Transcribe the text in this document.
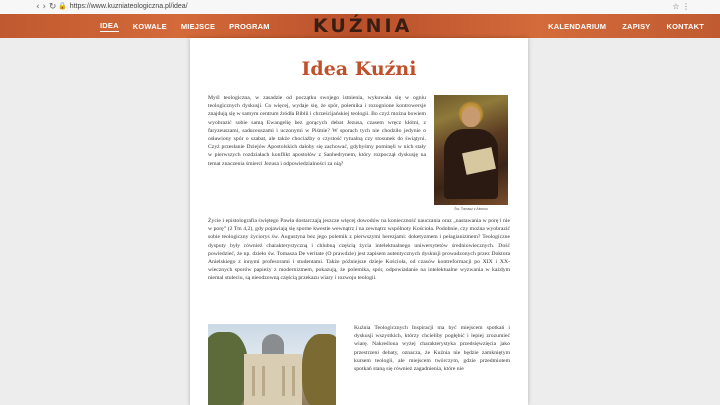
‹ › ↻ 🔒 https://www.kuzniateologiczna.pl/idea/	☆ ⋮
IDEA KOWALE MIEJSCE PROGRAM KUŹNIA	KALENDARIUM ZAPISY KONTAKT
Idea Kuźni

Myśl teologiczna, w zasadzie od początku swojego istnienia, wykuwała się w ogniu teologicznych dyskusji. Co więcej, wydaje się, że spór, polemika i rozognione kontrowersje znajdują się w samym centrum źródła Biblii i chrześcijańskiej teologii. Bo czyż można bowiem wyobrazić sobie samą Ewangelię bez gorących debat Jezusa, czasem wręcz kłótni, z faryzeuszami, saduceuszami i uczonymi w Piśmie? W sporach tych nie chodziło jedynie o osławiony spór o szabat, ale także chociażby o czystość rytualną czy stosunek do świątyni. Czyż przesłanie Dziejów Apostolskich dałoby się zachować, gdybyśmy pominęli w nich stały w pierwszych rozdziałach konflikt apostołów z Sanhedrynem, który rozpoczął dyskusję na temat znaczenia śmierci Jezusa i odpowiedzialności za nią?

Św. Tomasz z Akwinu

Życie i epistolografia świętego Pawła dostarczają jeszcze więcej dowodów na konieczność nauczania oraz „nastawania w porę i nie w porę” (2 Tm 4,2), gdy pojawiają się sporne kwestie wewnątrz i na zewnątrz wspólnoty Kościoła. Podobnie, czy można wyobrazić sobie teologiczny życiorys św. Augustyna bez jego polemik z pierwszymi herezjami: doketyzmem i pelagianizmem? Teologiczne dysputy były również charakterystyczną i chlubną częścią życia intelektualnego uniwersytetów średniowiecznych. Dość powiedzieć, że np. dzieło św. Tomasza De veritate (O prawdzie) jest zapisem autentycznych dyskusji prowadzonych przez Doktora Anielskiego z innymi profesorami i studentami. Także późniejsze dzieje Kościoła, od czasów kontreformacji po XIX i XX-wiecznych sporów papieży z modernizmem, pokazują, że polemika, spór, odpowiadanie na intelektualne wyzwania w każdym niemal stuleciu, są nieodzowną częścią przekazu wiary i rozwoju teologii.

Kuźnia Teologicznych Inspiracji ma być miejscem spotkań i dyskusji wszystkich, którzy chcieliby pogłębić i lepiej zrozumieć wiarę. Nakreślona wyżej charakterystyka przedsięwzięcia jako przestrzeni debaty, oznacza, że Kuźnia nie będzie zamkniętym kursem teologii, ale miejscem twórczym, gdzie przedmiotem spotkań staną się również zagadnienia, które nie
